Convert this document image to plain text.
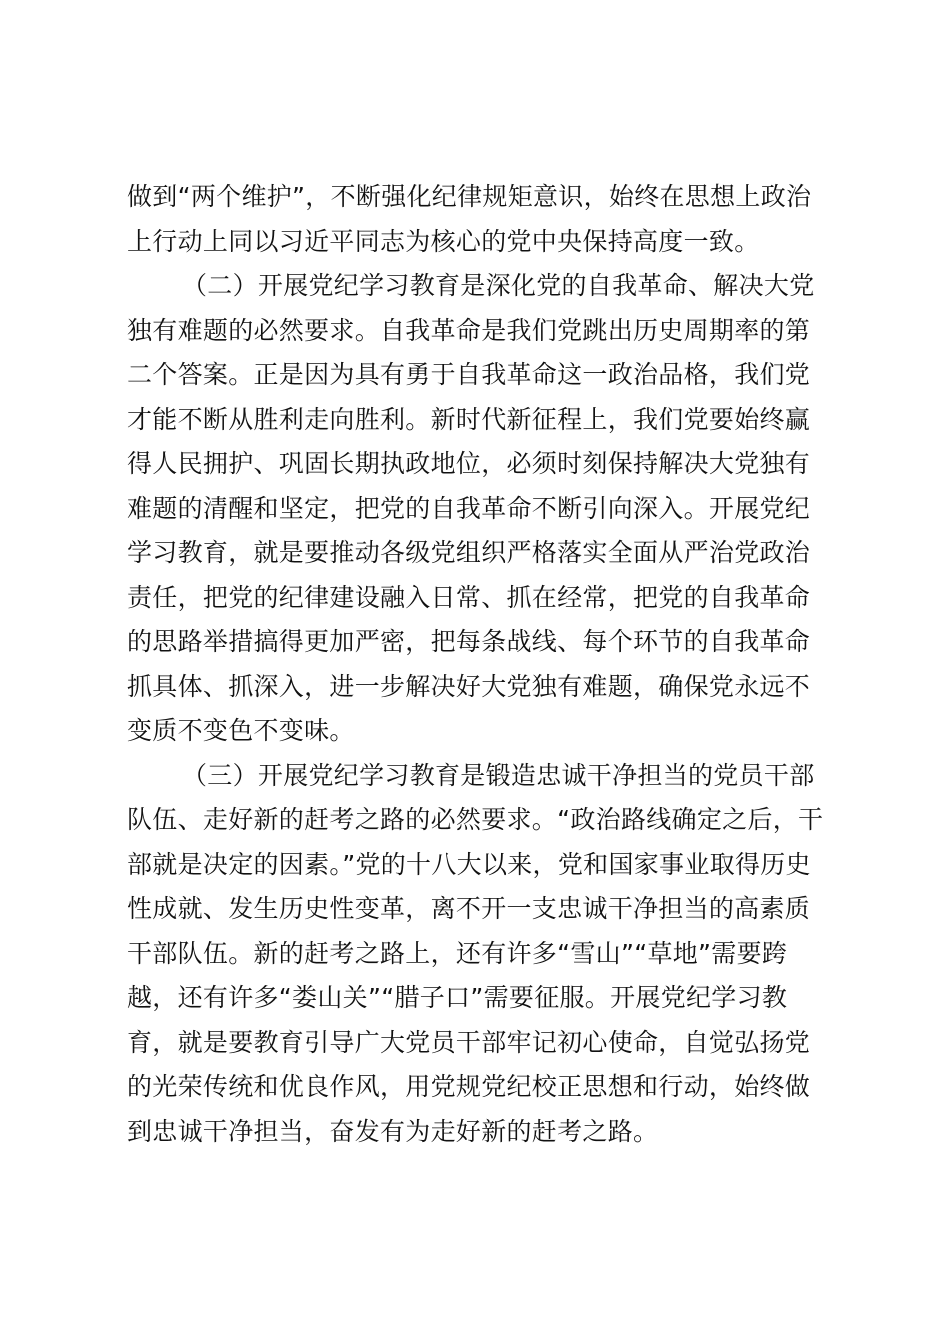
做到“两个维护”，不断强化纪律规矩意识，始终在思想上政治
上行动上同以习近平同志为核心的党中央保持高度一致。
（二）开展党纪学习教育是深化党的自我革命、解决大党
独有难题的必然要求。自我革命是我们党跳出历史周期率的第
二个答案。正是因为具有勇于自我革命这一政治品格，我们党
才能不断从胜利走向胜利。新时代新征程上，我们党要始终赢
得人民拥护、巩固长期执政地位，必须时刻保持解决大党独有
难题的清醒和坚定，把党的自我革命不断引向深入。开展党纪
学习教育，就是要推动各级党组织严格落实全面从严治党政治
责任，把党的纪律建设融入日常、抓在经常，把党的自我革命
的思路举措搞得更加严密，把每条战线、每个环节的自我革命
抓具体、抓深入，进一步解决好大党独有难题，确保党永远不
变质不变色不变味。
（三）开展党纪学习教育是锻造忠诚干净担当的党员干部
队伍、走好新的赶考之路的必然要求。“政治路线确定之后，干
部就是决定的因素。”党的十八大以来，党和国家事业取得历史
性成就、发生历史性变革，离不开一支忠诚干净担当的高素质
干部队伍。新的赶考之路上，还有许多“雪山”“草地”需要跨
越，还有许多“娄山关”“腊子口”需要征服。开展党纪学习教
育，就是要教育引导广大党员干部牢记初心使命，自觉弘扬党
的光荣传统和优良作风，用党规党纪校正思想和行动，始终做
到忠诚干净担当，奋发有为走好新的赶考之路。
